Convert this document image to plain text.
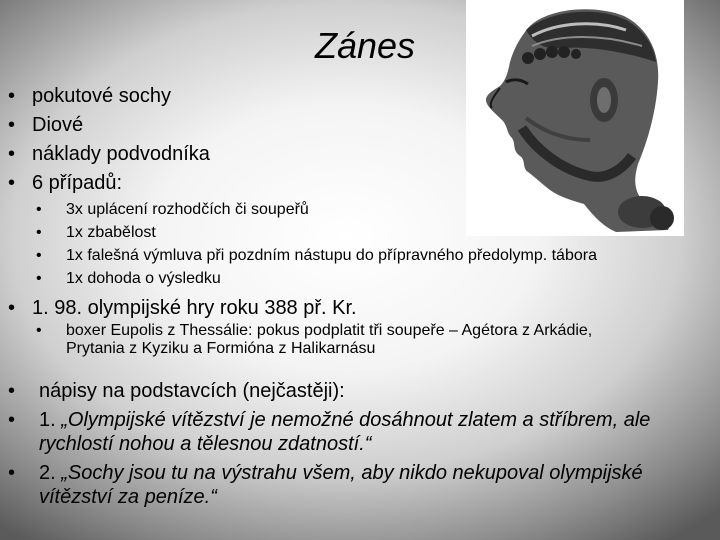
Zánes
• pokutové sochy
• Diové
• náklady podvodníka
• 6 případů:
• 3x uplácení rozhodčích či soupeřů
• 1x zbabělost
• 1x falešná výmluva při pozdním nástupu do přípravného předolymp. tábora
• 1x dohoda o výsledku
• 1. 98. olympijské hry roku 388 př. Kr.
• boxer Eupolis z Thessálie: pokus podplatit tři soupeře – Agétora z Arkádie,
Prytania z Kyziku a Formióna z Halikarnásu
• nápisy na podstavcích (nejčastěji):
• 1. „Olympijské vítězství je nemožné dosáhnout zlatem a stříbrem, ale
rychlostí nohou a tělesnou zdatností.“
• 2. „Sochy jsou tu na výstrahu všem, aby nikdo nekupoval olympijské
vítězství za peníze.“
